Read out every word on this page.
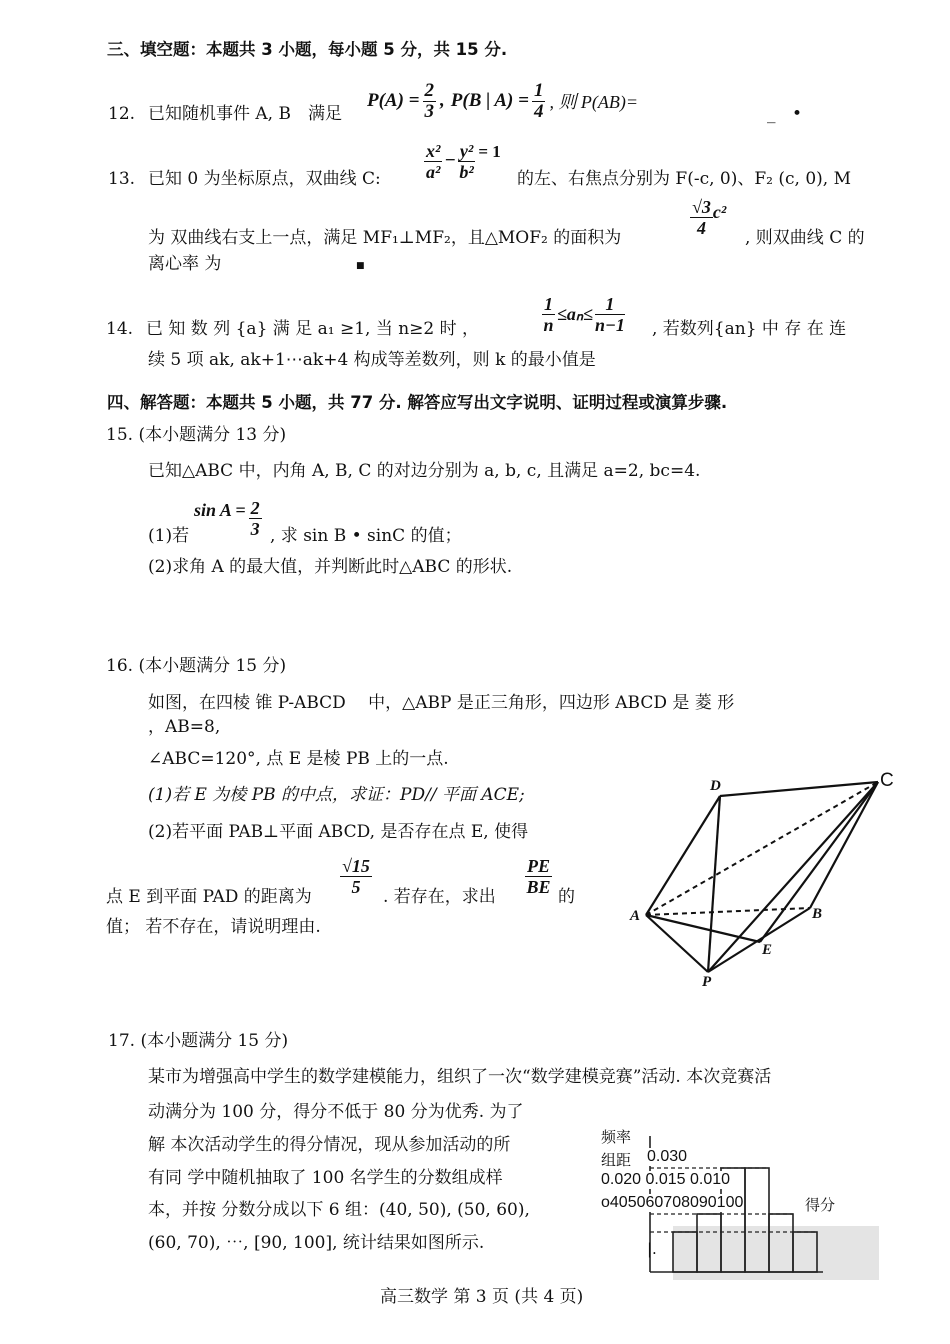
三、填空题：本题共 3 小题，每小题 5 分，共 15 分.
12. 已知随机事件 A, B　满足
$P(A) = \frac{2}{3}$ , P(B | $A) = \frac{1}{4}$ , 则 P(AB)=
_ •
13. 已知 0 为坐标原点，双曲线 C: $\frac{\text{x²}}{\text{a²}} - \frac{\text{y²}}{\text{b²}} = 1$
的左、右焦点分别为 F(-c, 0)、F₂ (c, 0), M
为 双曲线右支上一点，满足 MF₁⊥MF₂，且△MOF₂ 的面积为
$\frac{√3}{4} c^2$
, 则双曲线 C 的
离心率 为	■
14. 已 知 数 列 {a} 满 足 a₁ ≥1, 当 n≥2 时 ，	$\frac{1}{n} \le a_n\le \frac{1}{n-1}$ , 若数列{an} 中 存 在 连
续 5 项 ak, ak+1⋯ak+4 构成等差数列，则 k 的最小值是
四、解答题：本题共 5 小题，共 77 分. 解答应写出文字说明、证明过程或演算步骤.
15. (本小题满分 13 分)
已知△ABC 中，内角 A, B, C 的对边分别为 a, b, c, 且满足 a=2, bc=4.
(1)若
$\sin A = \frac{2}{3}$ , 求 sin B • sinC 的值；
(2)求角 A 的最大值，并判断此时△ABC 的形状.
16. (本小题满分 15 分)
如图，在四棱 锥 P-ABCD　 中，△ABP 是正三角形，四边形 ABCD 是 菱 形
，AB=8,
∠ABC=120°, 点 E 是棱 PB 上的一点.
(1)若 E 为棱 PB 的中点，求证：PD// 平面 ACE;
(2)若平面 PAB⊥平面 ABCD, 是否存在点 E, 使得
点 E 到平面 PAD 的距离为
$\frac{√15}{5}$
. 若存在，求出
$\frac{PE}{BE}$
的
值； 若不存在，请说明理由.
D	C
A	B
E
P
17. (本小题满分 15 分)
某市为增强高中学生的数学建模能力，组织了一次“数学建模竞赛”活动. 本次竞赛活
动满分为 100 分，得分不低于 80 分为优秀. 为了
解 本次活动学生的得分情况，现从参加活动的所
有同 学中随机抽取了 100 名学生的分数组成样
本，并按 分数分成以下 6 组：(40, 50), (50, 60),
(60, 70), ⋯, [90, 100], 统计结果如图所示.
频率
组距 0.030
0.020 0.015 0.010
o405060708090100	得分
|.
高三数学 第 3 页 (共 4 页)
